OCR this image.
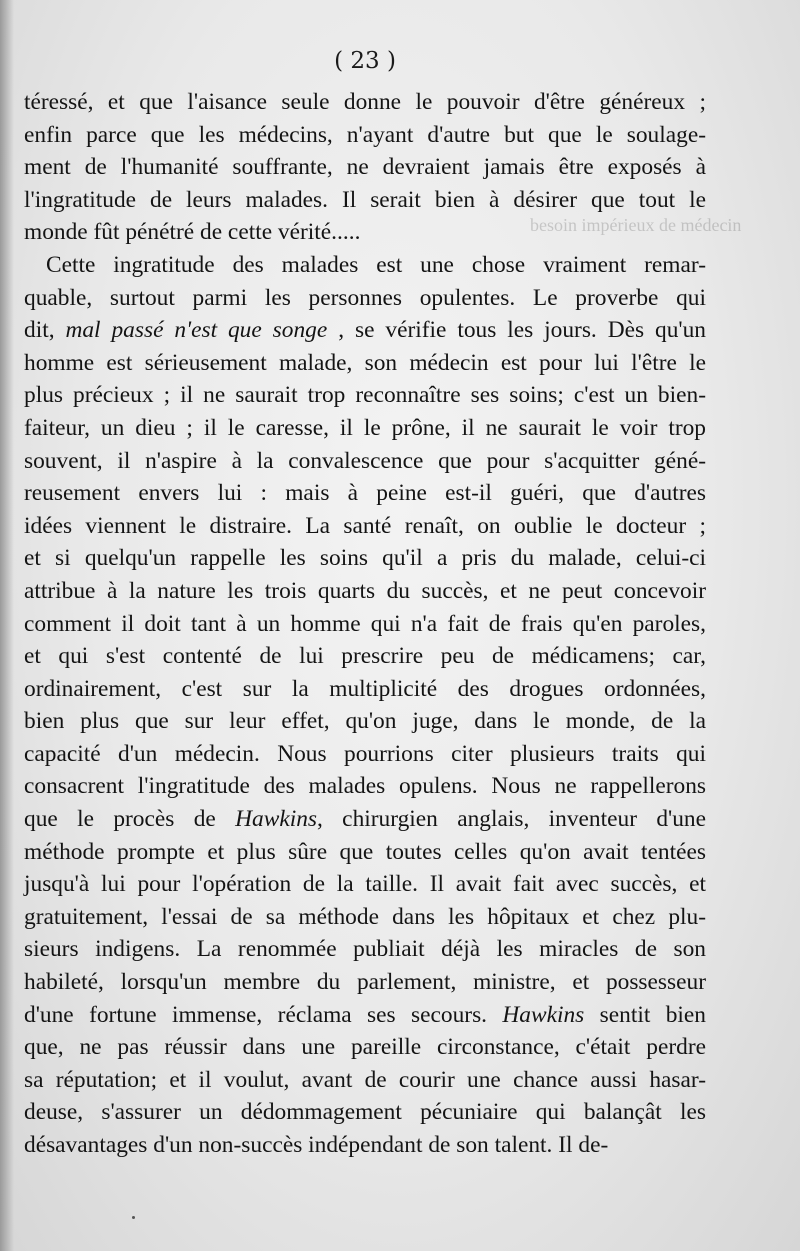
besoin impérieux de médecin
( 23 )
téressé, et que l'aisance seule donne le pouvoir d'être généreux ;
enfin parce que les médecins, n'ayant d'autre but que le soulage-
ment de l'humanité souffrante, ne devraient jamais être exposés à
l'ingratitude de leurs malades. Il serait bien à désirer que tout le
monde fût pénétré de cette vérité.....
Cette ingratitude des malades est une chose vraiment remar-
quable, surtout parmi les personnes opulentes. Le proverbe qui
dit, mal passé n'est que songe , se vérifie tous les jours. Dès qu'un
homme est sérieusement malade, son médecin est pour lui l'être le
plus précieux ; il ne saurait trop reconnaître ses soins; c'est un bien-
faiteur, un dieu ; il le caresse, il le prône, il ne saurait le voir trop
souvent, il n'aspire à la convalescence que pour s'acquitter géné-
reusement envers lui : mais à peine est-il guéri, que d'autres
idées viennent le distraire. La santé renaît, on oublie le docteur ;
et si quelqu'un rappelle les soins qu'il a pris du malade, celui-ci
attribue à la nature les trois quarts du succès, et ne peut concevoir
comment il doit tant à un homme qui n'a fait de frais qu'en paroles,
et qui s'est contenté de lui prescrire peu de médicamens; car,
ordinairement, c'est sur la multiplicité des drogues ordonnées,
bien plus que sur leur effet, qu'on juge, dans le monde, de la
capacité d'un médecin. Nous pourrions citer plusieurs traits qui
consacrent l'ingratitude des malades opulens. Nous ne rappellerons
que le procès de Hawkins, chirurgien anglais, inventeur d'une
méthode prompte et plus sûre que toutes celles qu'on avait tentées
jusqu'à lui pour l'opération de la taille. Il avait fait avec succès, et
gratuitement, l'essai de sa méthode dans les hôpitaux et chez plu-
sieurs indigens. La renommée publiait déjà les miracles de son
habileté, lorsqu'un membre du parlement, ministre, et possesseur
d'une fortune immense, réclama ses secours. Hawkins sentit bien
que, ne pas réussir dans une pareille circonstance, c'était perdre
sa réputation; et il voulut, avant de courir une chance aussi hasar-
deuse, s'assurer un dédommagement pécuniaire qui balançât les
désavantages d'un non-succès indépendant de son talent. Il de-
